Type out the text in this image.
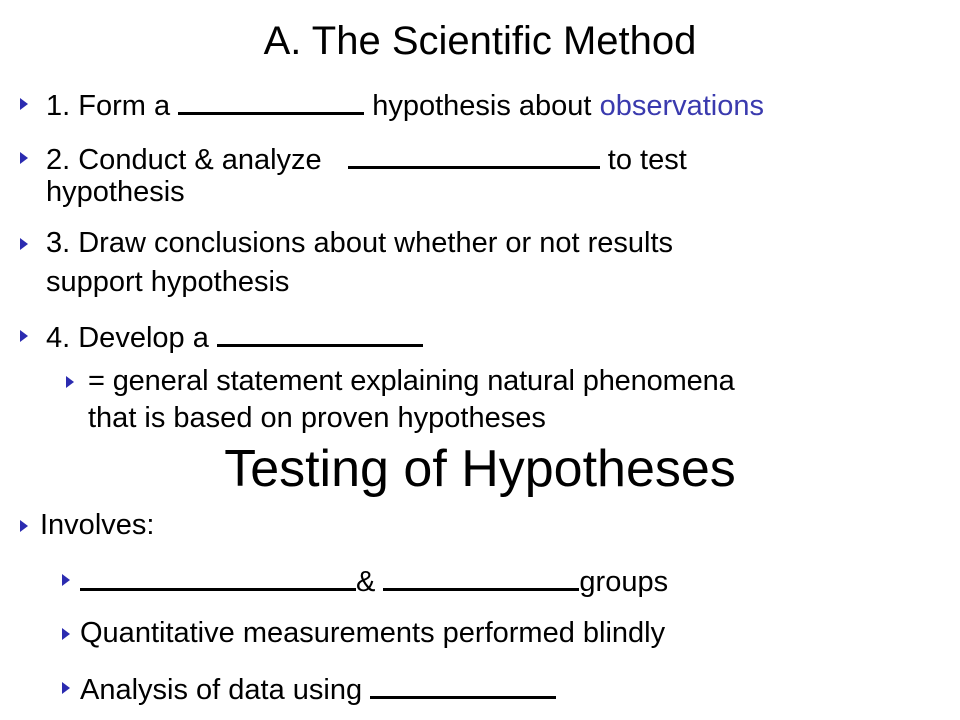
A. The Scientific Method
1. Form a	hypothesis about observations
2. Conduct & analyze	to test
hypothesis
3. Draw conclusions about whether or not results
support hypothesis
4. Develop a
= general statement explaining natural phenomena
that is based on proven hypotheses
Testing of Hypotheses
Involves:
&	groups
Quantitative measurements performed blindly
Analysis of data using
